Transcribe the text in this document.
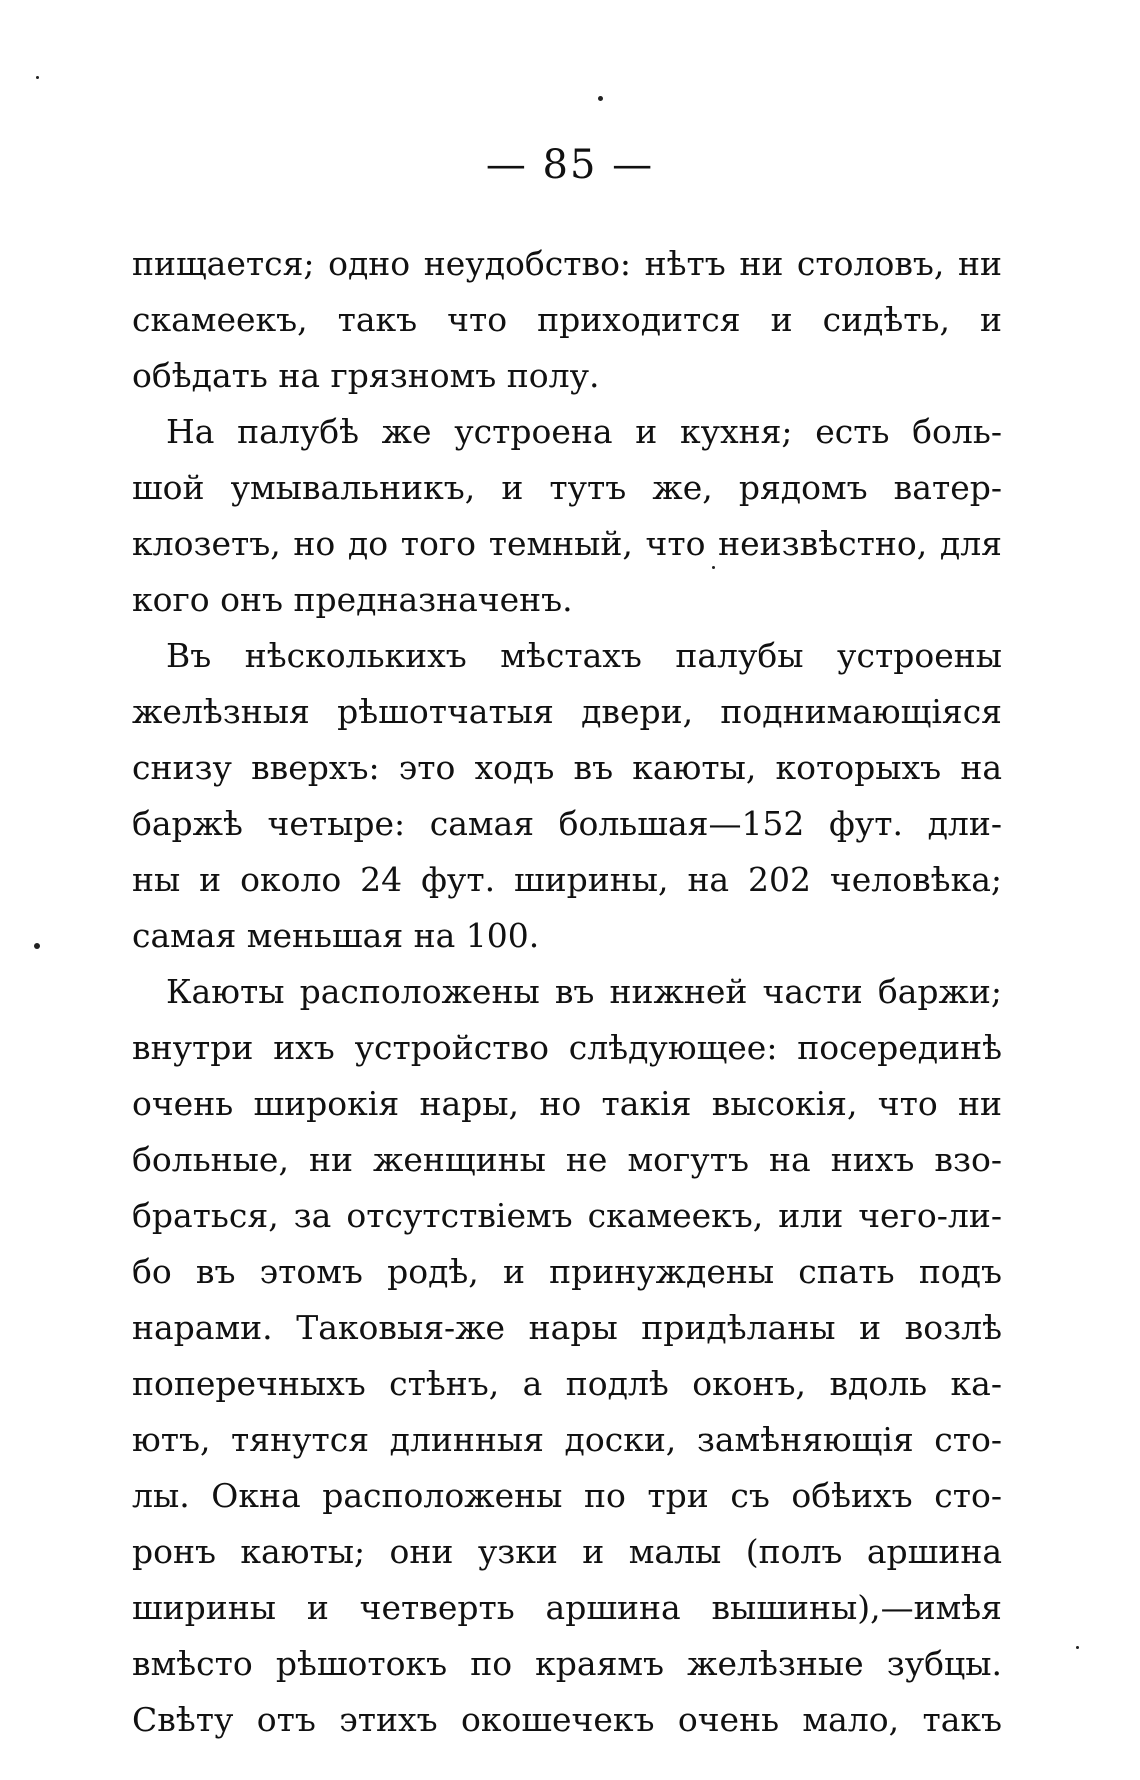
— 85 —

пищается; одно неудобство: нѣтъ ни столовъ, ни
скамеекъ, такъ что приходится и сидѣть, и
обѣдать на грязномъ полу.

На палубѣ же устроена и кухня; есть боль-
шой умывальникъ, и тутъ же, рядомъ ватер-
клозетъ, но до того темный, что неизвѣстно, для
кого онъ предназначенъ.

Въ нѣсколькихъ мѣстахъ палубы устроены
желѣзныя рѣшотчатыя двери, поднимающіяся
снизу вверхъ: это ходъ въ каюты, которыхъ на
баржѣ четыре: самая большая—152 фут. дли-
ны и около 24 фут. ширины, на 202 человѣка;
самая меньшая на 100.

Каюты расположены въ нижней части баржи;
внутри ихъ устройство слѣдующее: посерединѣ
очень широкія нары, но такія высокія, что ни
больные, ни женщины не могутъ на нихъ взо-
браться, за отсутствіемъ скамеекъ, или чего-ли-
бо въ этомъ родѣ, и принуждены спать подъ
нарами. Таковыя-же нары придѣланы и возлѣ
поперечныхъ стѣнъ, а подлѣ оконъ, вдоль ка-
ютъ, тянутся длинныя доски, замѣняющія сто-
лы. Окна расположены по три съ обѣихъ сто-
ронъ каюты; они узки и малы (полъ аршина
ширины и четверть аршина вышины),—имѣя
вмѣсто рѣшотокъ по краямъ желѣзные зубцы.
Свѣту отъ этихъ окошечекъ очень мало, такъ
